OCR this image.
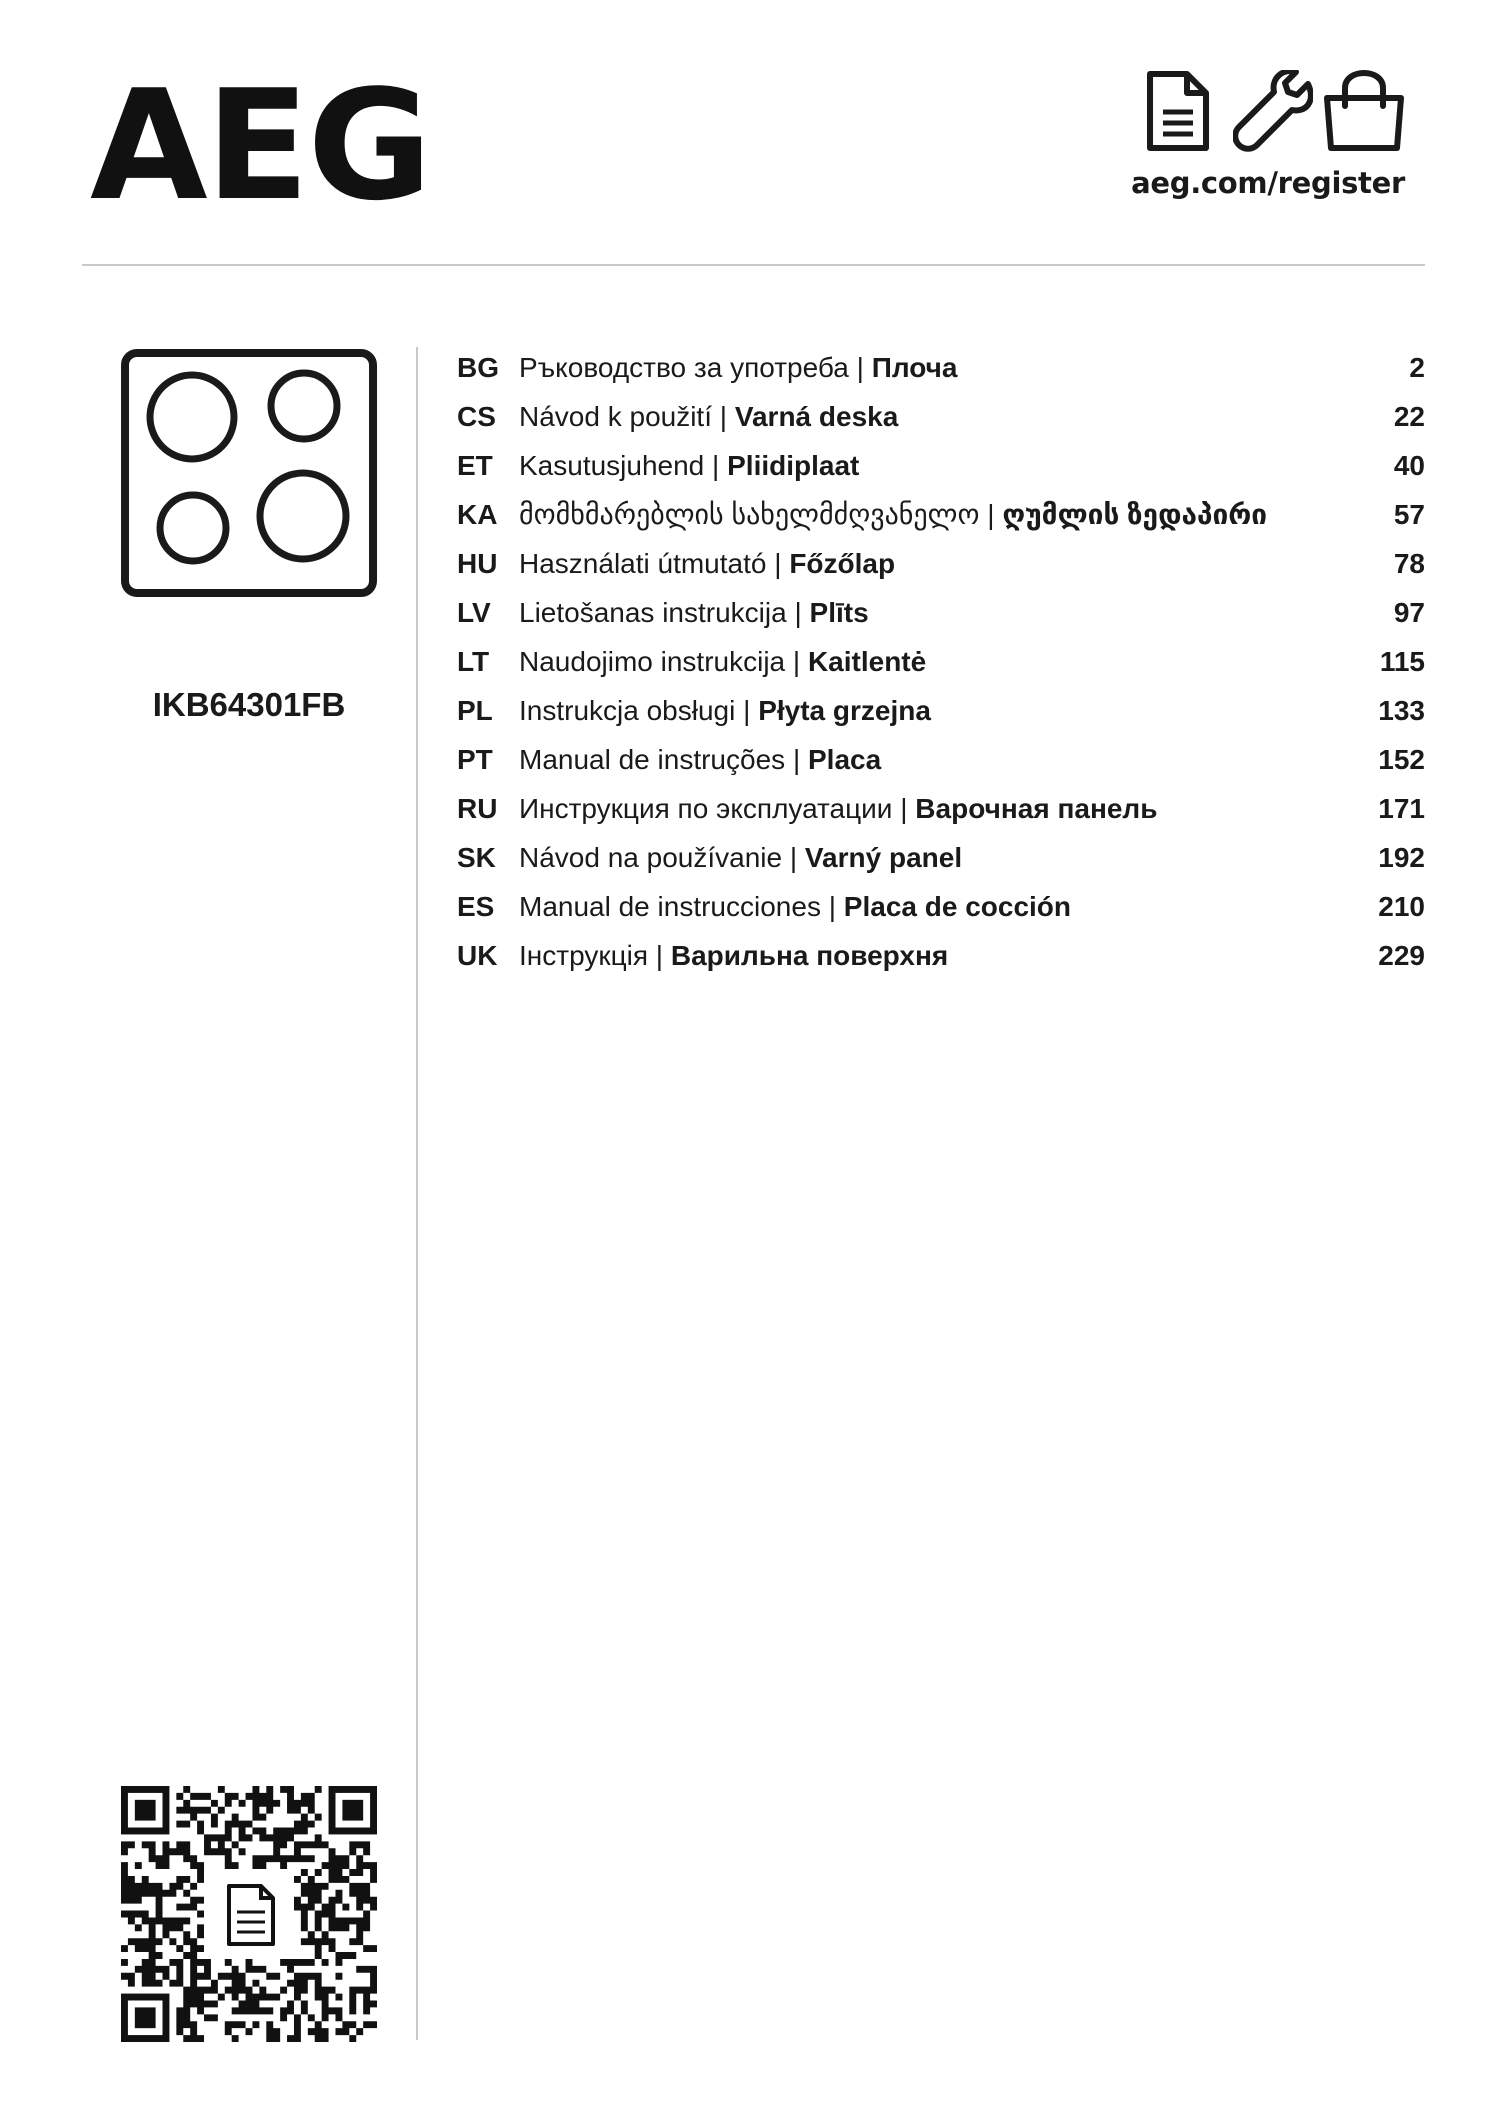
AEG	aeg.com/register

IKB64301FB
BG Ръководство за употреба | Плоча	2
CS Návod k použití | Varná deska	22
ET Kasutusjuhend | Pliidiplaat	40
KA მომხმარებლის სახელმძღვანელო | ღუმლის ზედაპირი	57
HU Használati útmutató | Főzőlap	78
LV Lietošanas instrukcija | Plīts	97
LT Naudojimo instrukcija | Kaitlentė	115
PL Instrukcja obsługi | Płyta grzejna	133
PT Manual de instruções | Placa	152
RU Инструкция по эксплуатации | Варочная панель	171
SK Návod na používanie | Varný panel	192
ES Manual de instrucciones | Placa de cocción	210
UK Інструкція | Варильна поверхня	229
